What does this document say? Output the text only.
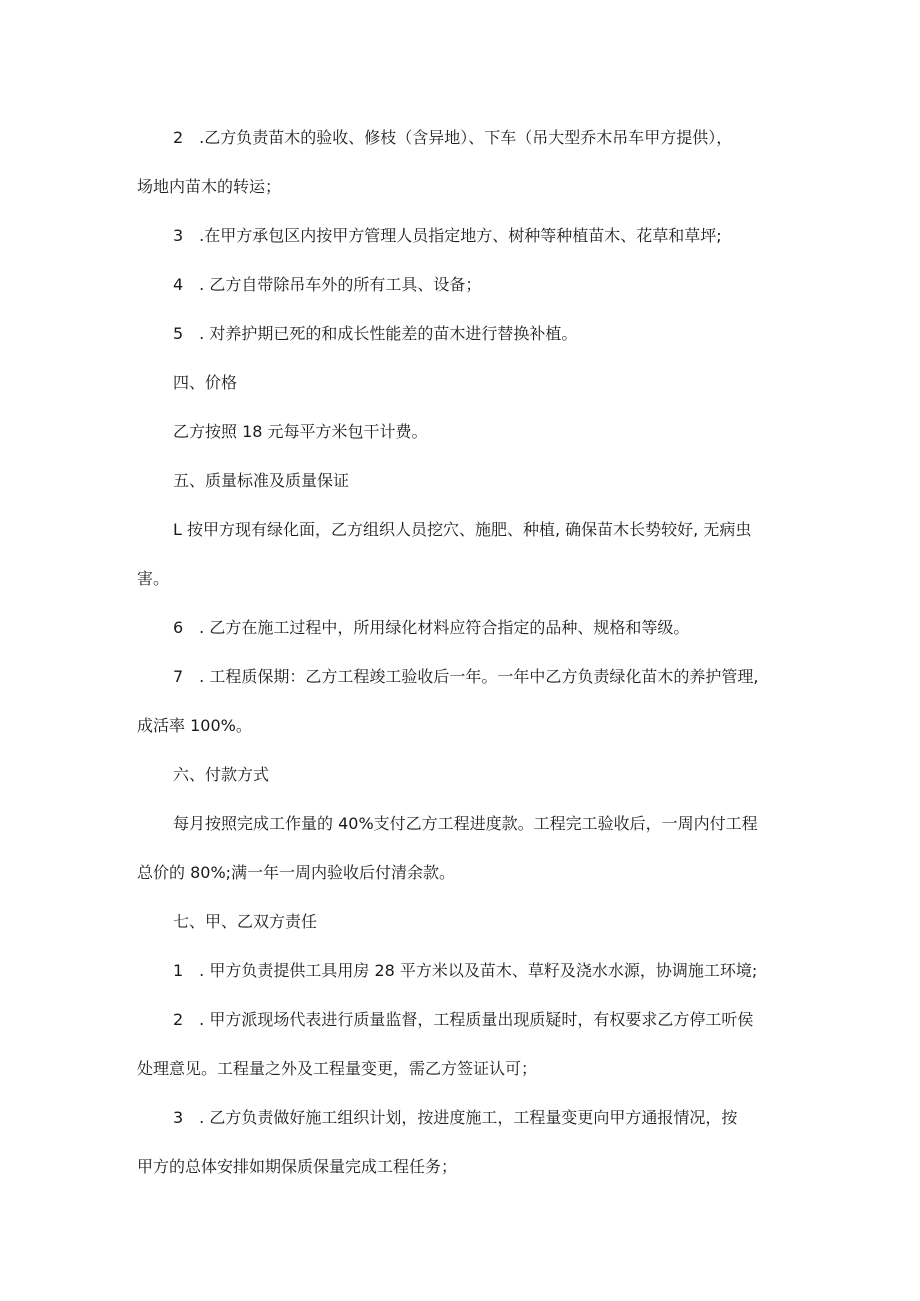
2　.乙方负责苗木的验收、修枝（含异地）、下车（吊大型乔木吊车甲方提供），
场地内苗木的转运；

3　.在甲方承包区内按甲方管理人员指定地方、树种等种植苗木、花草和草坪;

4　. 乙方自带除吊车外的所有工具、设备；

5　. 对养护期已死的和成长性能差的苗木进行替换补植。

四、价格

乙方按照 18 元每平方米包干计费。

五、质量标准及质量保证

L 按甲方现有绿化面，乙方组织人员挖穴、施肥、种植, 确保苗木长势较好, 无病虫
害。

6　. 乙方在施工过程中，所用绿化材料应符合指定的品种、规格和等级。

7　. 工程质保期：乙方工程竣工验收后一年。一年中乙方负责绿化苗木的养护管理,
成活率 100%。

六、付款方式

每月按照完成工作量的 40%支付乙方工程进度款。工程完工验收后，一周内付工程
总价的 80%;满一年一周内验收后付清余款。

七、甲、乙双方责任

1　. 甲方负责提供工具用房 28 平方米以及苗木、草籽及浇水水源，协调施工环境;

2　. 甲方派现场代表进行质量监督，工程质量出现质疑时，有权要求乙方停工听侯
处理意见。工程量之外及工程量变更，需乙方签证认可；

3　. 乙方负责做好施工组织计划，按进度施工，工程量变更向甲方通报情况，按
甲方的总体安排如期保质保量完成工程任务；
